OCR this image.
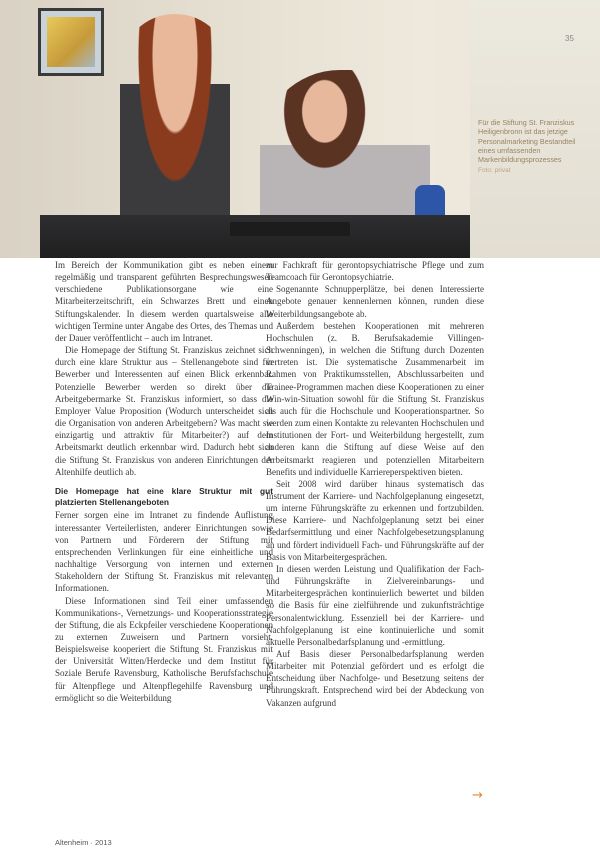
35
Für die Stiftung St. Franziskus Heiligenbronn ist das jetzige Personalmarketing Bestandteil eines umfassenden Markenbildungsprozesses
Foto: privat

Im Bereich der Kommunikation gibt es neben einem regelmäßig und transparent geführten Besprechungswesen verschiedene Publikationsorgane wie eine Mitarbeiterzeitschrift, ein Schwarzes Brett und einen Stiftungskalender. In diesem werden quartalsweise alle wichtigen Termine unter Angabe des Ortes, des Themas und der Dauer veröffentlicht – auch im Intranet.

Die Homepage der Stiftung St. Franziskus zeichnet sich durch eine klare Struktur aus – Stellenangebote sind für Bewerber und Interessenten auf einen Blick erkennbar. Potenzielle Bewerber werden so direkt über die Arbeitgebermarke St. Franziskus informiert, so dass die Employer Value Proposition (Wodurch unterscheidet sich die Organisation von anderen Arbeitgebern? Was macht sie einzigartig und attraktiv für Mitarbeiter?) auf dem Arbeitsmarkt deutlich erkennbar wird. Dadurch hebt sich die Stiftung St. Franziskus von anderen Einrichtungen der Altenhilfe deutlich ab.

Die Homepage hat eine klare Struktur mit gut platzierten Stellenangeboten

Ferner sorgen eine im Intranet zu findende Auflistung interessanter Verteilerlisten, anderer Einrichtungen sowie von Partnern und Förderern der Stiftung mit entsprechenden Verlinkungen für eine einheitliche und nachhaltige Versorgung von internen und externen Stakeholdern der Stiftung St. Franziskus mit relevanten Informationen.

Diese Informationen sind Teil einer umfassenden Kommunikations-, Vernetzungs- und Kooperationsstrategie der Stiftung, die als Eckpfeiler verschiedene Kooperationen zu externen Zuweisern und Partnern vorsieht. Beispielsweise kooperiert die Stiftung St. Franziskus mit der Universität Witten/Herdecke und dem Institut für Soziale Berufe Ravensburg, Katholische Berufsfachschule für Altenpflege und Altenpflegehilfe Ravensburg und ermöglicht so die Weiterbildung

zur Fachkraft für gerontopsychiatrische Pflege und zum Teamcoach für Gerontopsychiatrie.

Sogenannte Schnupperplätze, bei denen Interessierte Angebote genauer kennenlernen können, runden diese Weiterbildungsangebote ab.

Außerdem bestehen Kooperationen mit mehreren Hochschulen (z. B. Berufsakademie Villingen-Schwenningen), in welchen die Stiftung durch Dozenten vertreten ist. Die systematische Zusammenarbeit im Rahmen von Praktikumsstellen, Abschlussarbeiten und Trainee-Programmen machen diese Kooperationen zu einer Win-win-Situation sowohl für die Stiftung St. Franziskus als auch für die Hochschule und Kooperationspartner. So werden zum einen Kontakte zu relevanten Hochschulen und Institutionen der Fort- und Weiterbildung hergestellt, zum anderen kann die Stiftung auf diese Weise auf den Arbeitsmarkt reagieren und potenziellen Mitarbeitern Benefits und individuelle Karriereperspektiven bieten.

Seit 2008 wird darüber hinaus systematisch das Instrument der Karriere- und Nachfolgeplanung eingesetzt, um interne Führungskräfte zu erkennen und fortzubilden. Diese Karriere- und Nachfolgeplanung setzt bei einer Bedarfsermittlung und einer Nachfolgebesetzungsplanung an und fördert individuell Fach- und Führungskräfte auf der Basis von Mitarbeitergesprächen.

In diesen werden Leistung und Qualifikation der Fach- und Führungskräfte in Zielvereinbarungs- und Mitarbeitergesprächen kontinuierlich bewertet und bilden so die Basis für eine zielführende und zukunftsträchtige Personalentwicklung. Essenziell bei der Karriere- und Nachfolgeplanung ist eine kontinuierliche und somit aktuelle Personalbedarfsplanung und -ermittlung.

Auf Basis dieser Personalbedarfsplanung werden Mitarbeiter mit Potenzial gefördert und es erfolgt die Entscheidung über Nachfolge- und Besetzung seitens der Führungskraft. Entsprechend wird bei der Abdeckung von Vakanzen aufgrund

→
Altenheim · 2013
